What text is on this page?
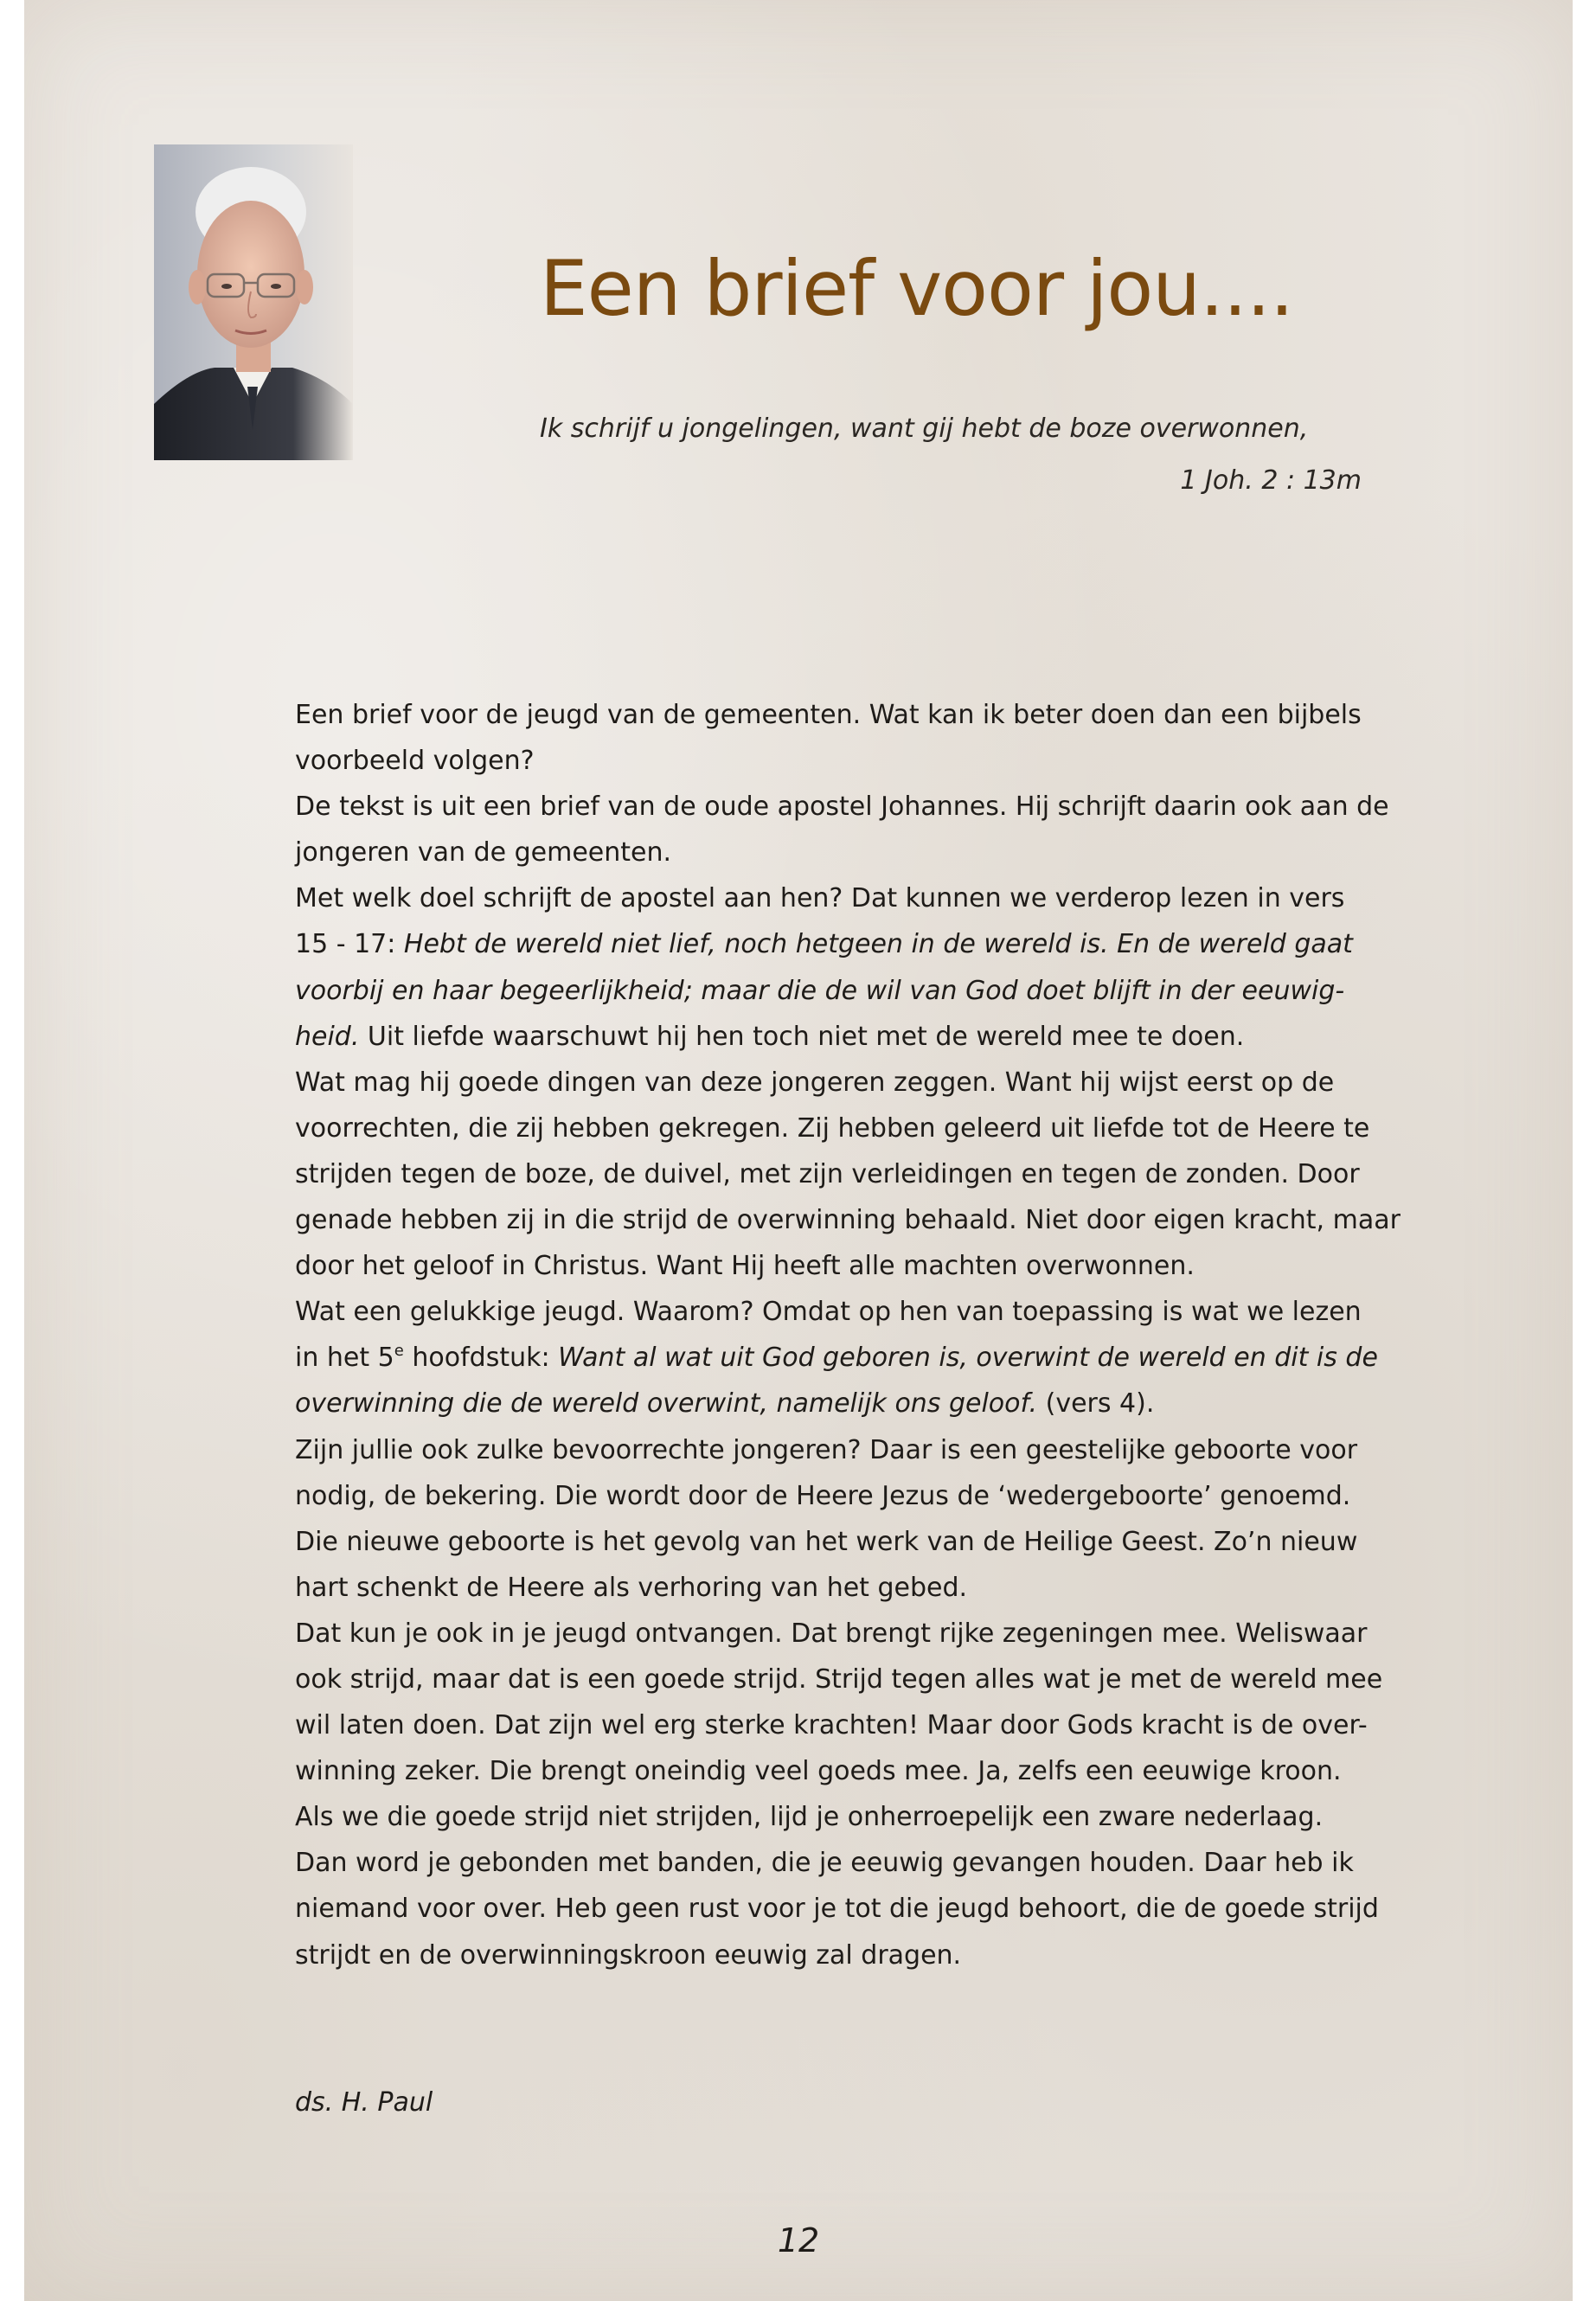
Een brief voor jou....
Ik schrijf u jongelingen, want gij hebt de boze overwonnen,
1 Joh. 2 : 13m
Een brief voor de jeugd van de gemeenten. Wat kan ik beter doen dan een bijbels
voorbeeld volgen?
De tekst is uit een brief van de oude apostel Johannes. Hij schrijft daarin ook aan de
jongeren van de gemeenten.
Met welk doel schrijft de apostel aan hen? Dat kunnen we verderop lezen in vers
15 - 17: Hebt de wereld niet lief, noch hetgeen in de wereld is. En de wereld gaat
voorbij en haar begeerlijkheid; maar die de wil van God doet blijft in der eeuwig-
heid. Uit liefde waarschuwt hij hen toch niet met de wereld mee te doen.
Wat mag hij goede dingen van deze jongeren zeggen. Want hij wijst eerst op de
voorrechten, die zij hebben gekregen. Zij hebben geleerd uit liefde tot de Heere te
strijden tegen de boze, de duivel, met zijn verleidingen en tegen de zonden. Door
genade hebben zij in die strijd de overwinning behaald. Niet door eigen kracht, maar
door het geloof in Christus. Want Hij heeft alle machten overwonnen.
Wat een gelukkige jeugd. Waarom? Omdat op hen van toepassing is wat we lezen
in het 5e hoofdstuk: Want al wat uit God geboren is, overwint de wereld en dit is de
overwinning die de wereld overwint, namelijk ons geloof. (vers 4).
Zijn jullie ook zulke bevoorrechte jongeren? Daar is een geestelijke geboorte voor
nodig, de bekering. Die wordt door de Heere Jezus de ‘wedergeboorte’ genoemd.
Die nieuwe geboorte is het gevolg van het werk van de Heilige Geest. Zo’n nieuw
hart schenkt de Heere als verhoring van het gebed.
Dat kun je ook in je jeugd ontvangen. Dat brengt rijke zegeningen mee. Weliswaar
ook strijd, maar dat is een goede strijd. Strijd tegen alles wat je met de wereld mee
wil laten doen. Dat zijn wel erg sterke krachten! Maar door Gods kracht is de over-
winning zeker. Die brengt oneindig veel goeds mee. Ja, zelfs een eeuwige kroon.
Als we die goede strijd niet strijden, lijd je onherroepelijk een zware nederlaag.
Dan word je gebonden met banden, die je eeuwig gevangen houden. Daar heb ik
niemand voor over. Heb geen rust voor je tot die jeugd behoort, die de goede strijd
strijdt en de overwinningskroon eeuwig zal dragen.
ds. H. Paul
12
